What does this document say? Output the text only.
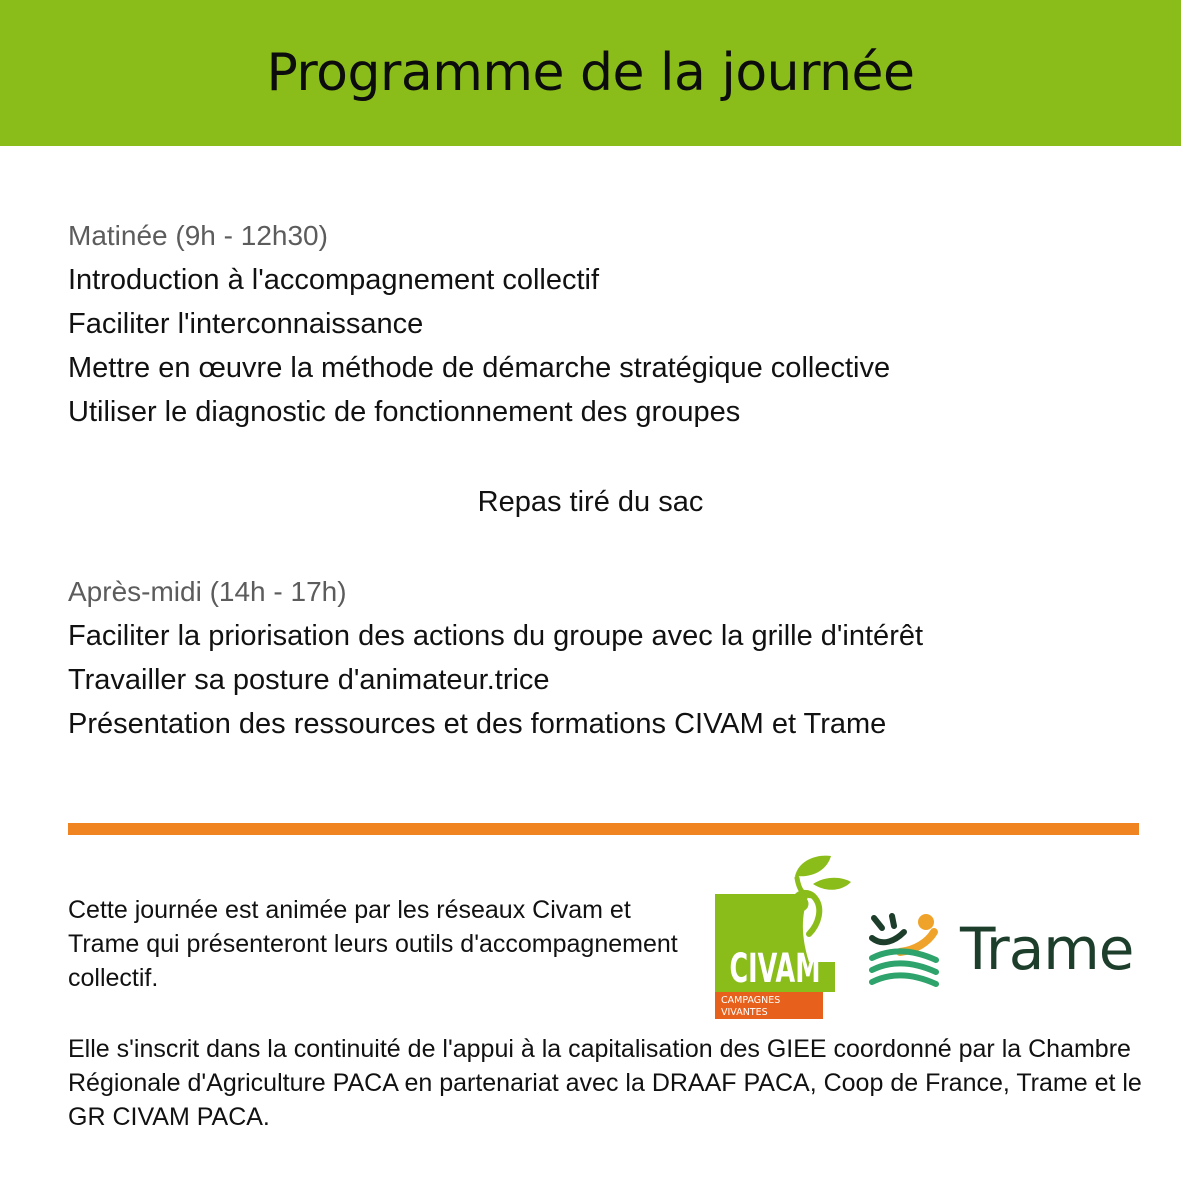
Programme de la journée
Matinée (9h - 12h30)
Introduction à l'accompagnement collectif
Faciliter l'interconnaissance
Mettre en œuvre la méthode de démarche stratégique collective
Utiliser le diagnostic de fonctionnement des groupes
Repas tiré du sac
Après-midi (14h - 17h)
Faciliter la priorisation des actions du groupe avec la grille d'intérêt
Travailler sa posture d'animateur.trice
Présentation des ressources et des formations CIVAM et Trame
Cette journée est animée par les réseaux Civam et Trame qui présenteront leurs outils d'accompagnement collectif.	CIVAM
CAMPAGNES
VIVANTES
Trame
Elle s'inscrit dans la continuité de l'appui à la capitalisation des GIEE coordonné par la Chambre Régionale d'Agriculture PACA en partenariat avec la DRAAF PACA, Coop de France, Trame et le GR CIVAM PACA.
